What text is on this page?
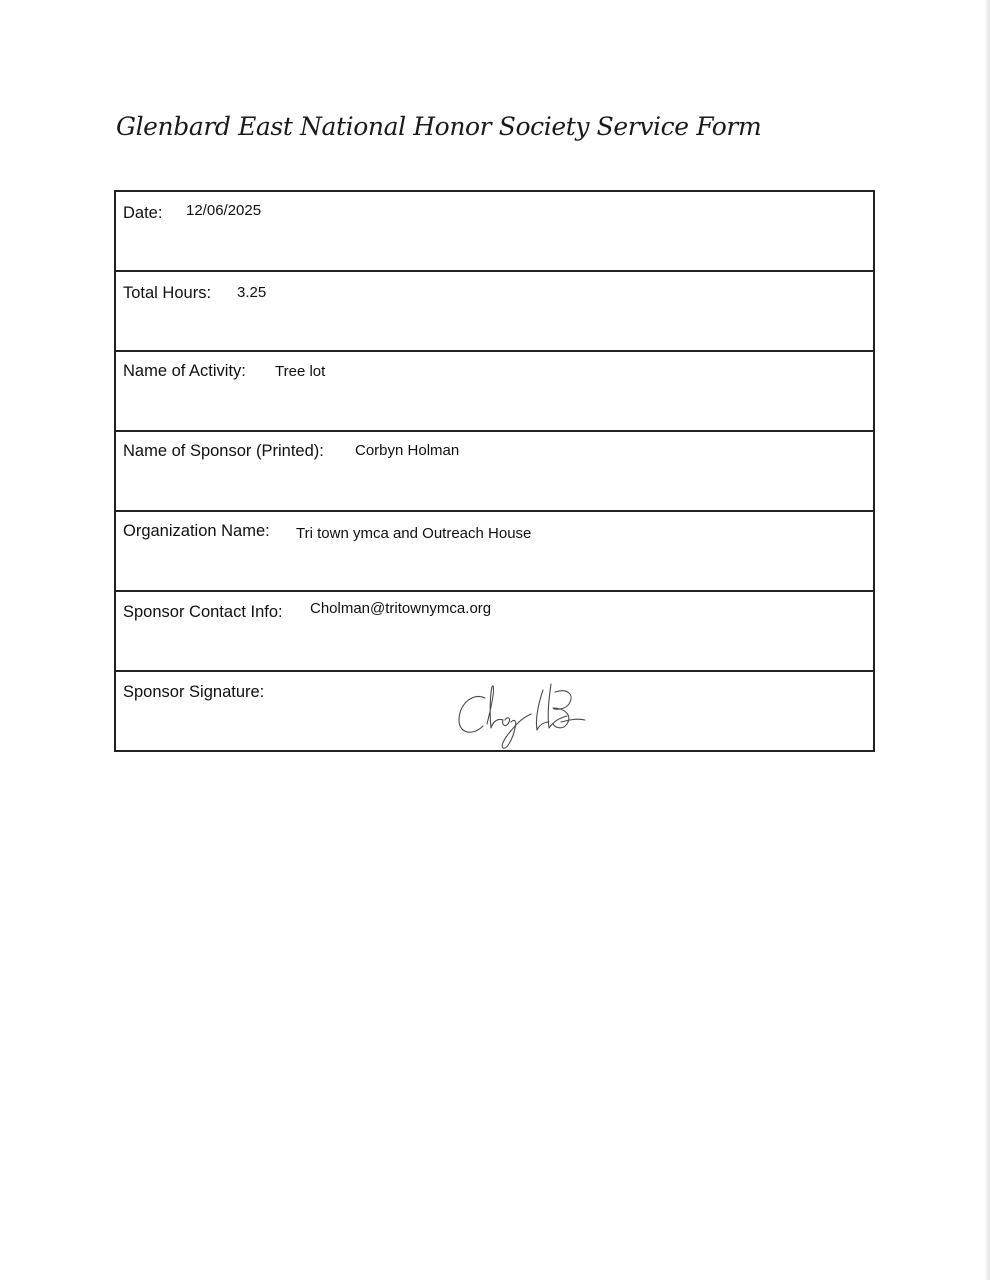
Glenbard East National Honor Society Service Form
Date: 12/06/2025
Total Hours: 3.25
Name of Activity: Tree lot
Name of Sponsor (Printed): Corbyn Holman
Organization Name: Tri town ymca and Outreach House
Sponsor Contact Info: Cholman@tritownymca.org
Sponsor Signature:
